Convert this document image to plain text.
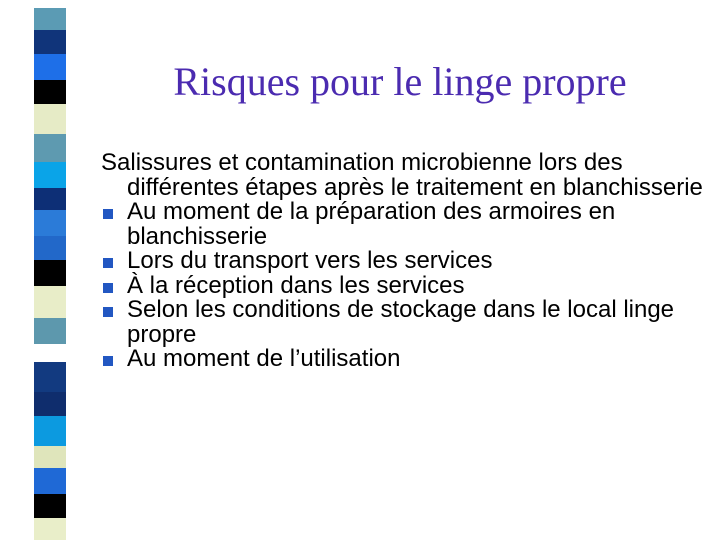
Risques pour le linge propre
Salissures et contamination microbienne lors des différentes étapes après le traitement en blanchisserie
Au moment de la préparation des armoires en blanchisserie
Lors du transport vers les services
À la réception dans les services
Selon les conditions de stockage dans le local linge propre
Au moment de l’utilisation
